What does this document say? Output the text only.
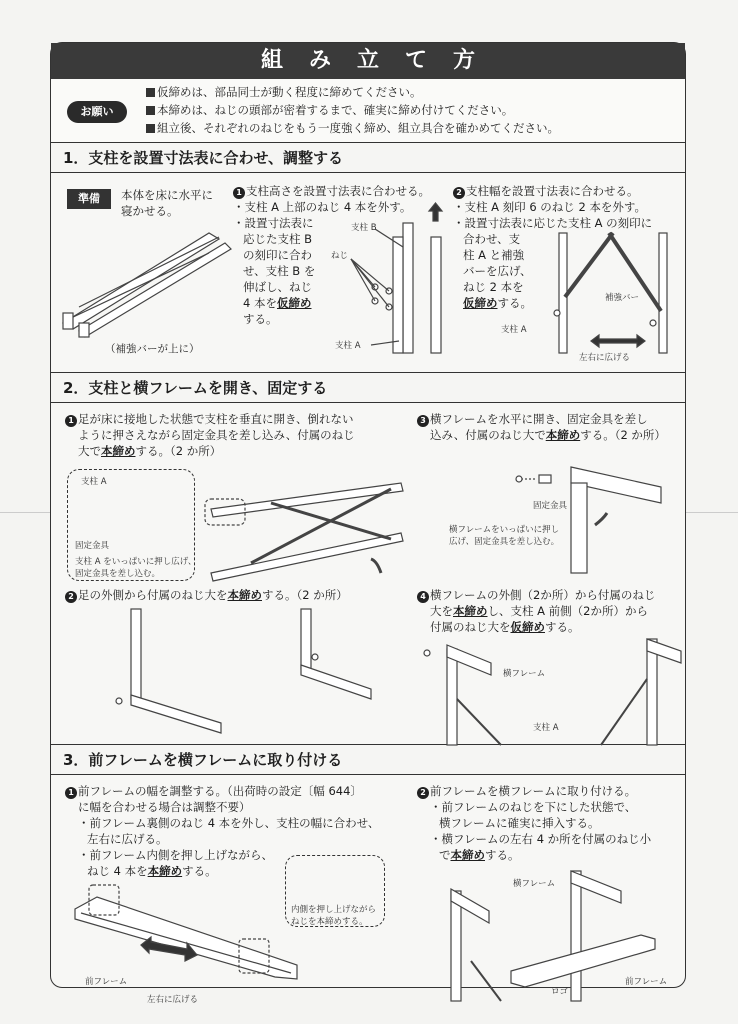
組み立て方
お願い
仮締めは、部品同士が動く程度に締めてください。
本締めは、ねじの頭部が密着するまで、確実に締め付けてください。
組立後、それぞれのねじをもう一度強く締め、組立具合を確かめてください。
1．支柱を設置寸法表に合わせ、調整する
準備	本体を床に水平に
寝かせる。
（補強バーが上に）
1 支柱高さを設置寸法表に合わせる。
・支柱 A 上部のねじ 4 本を外す。
・設置寸法表に
応じた支柱 B
の刻印に合わ
せ、支柱 B を
伸ばし、ねじ
4 本を仮締め
する。
支柱 B
ねじ
支柱 A
2 支柱幅を設置寸法表に合わせる。
・支柱 A 刻印 6 のねじ 2 本を外す。
・設置寸法表に応じた支柱 A の刻印に
合わせ、支
柱 A と補強
バーを広げ、
ねじ 2 本を
仮締めする。	補強バー
支柱 A
左右に広げる
2．支柱と横フレームを開き、固定する
1 足が床に接地した状態で支柱を垂直に開き、倒れない
ように押さえながら固定金具を差し込み、付属のねじ
大で本締めする。（2 か所）
支柱 A
固定金具
支柱 A をいっぱいに押し広げ、
固定金具を差し込む。
3 横フレームを水平に開き、固定金具を差し
込み、付属のねじ大で本締めする。（2 か所）
固定金具
横フレームをいっぱいに押し
広げ、固定金具を差し込む。
2 足の外側から付属のねじ大を本締めする。（2 か所）	4 横フレームの外側（2か所）から付属のねじ
大を本締めし、支柱 A 前側（2か所）から
付属のねじ大を仮締めする。
横フレーム
支柱 A
3．前フレームを横フレームに取り付ける
1 前フレームの幅を調整する。（出荷時の設定〔幅 644〕
に幅を合わせる場合は調整不要）
・前フレーム裏側のねじ 4 本を外し、支柱の幅に合わせ、
左右に広げる。
・前フレーム内側を押し上げながら、
ねじ 4 本を本締めする。
内側を押し上げながら
ねじを本締めする。
前フレーム
左右に広げる
2 前フレームを横フレームに取り付ける。
・前フレームのねじを下にした状態で、
横フレームに確実に挿入する。
・横フレームの左右 4 か所を付属のねじ小
で本締めする。
横フレーム
ロゴ
前フレーム
